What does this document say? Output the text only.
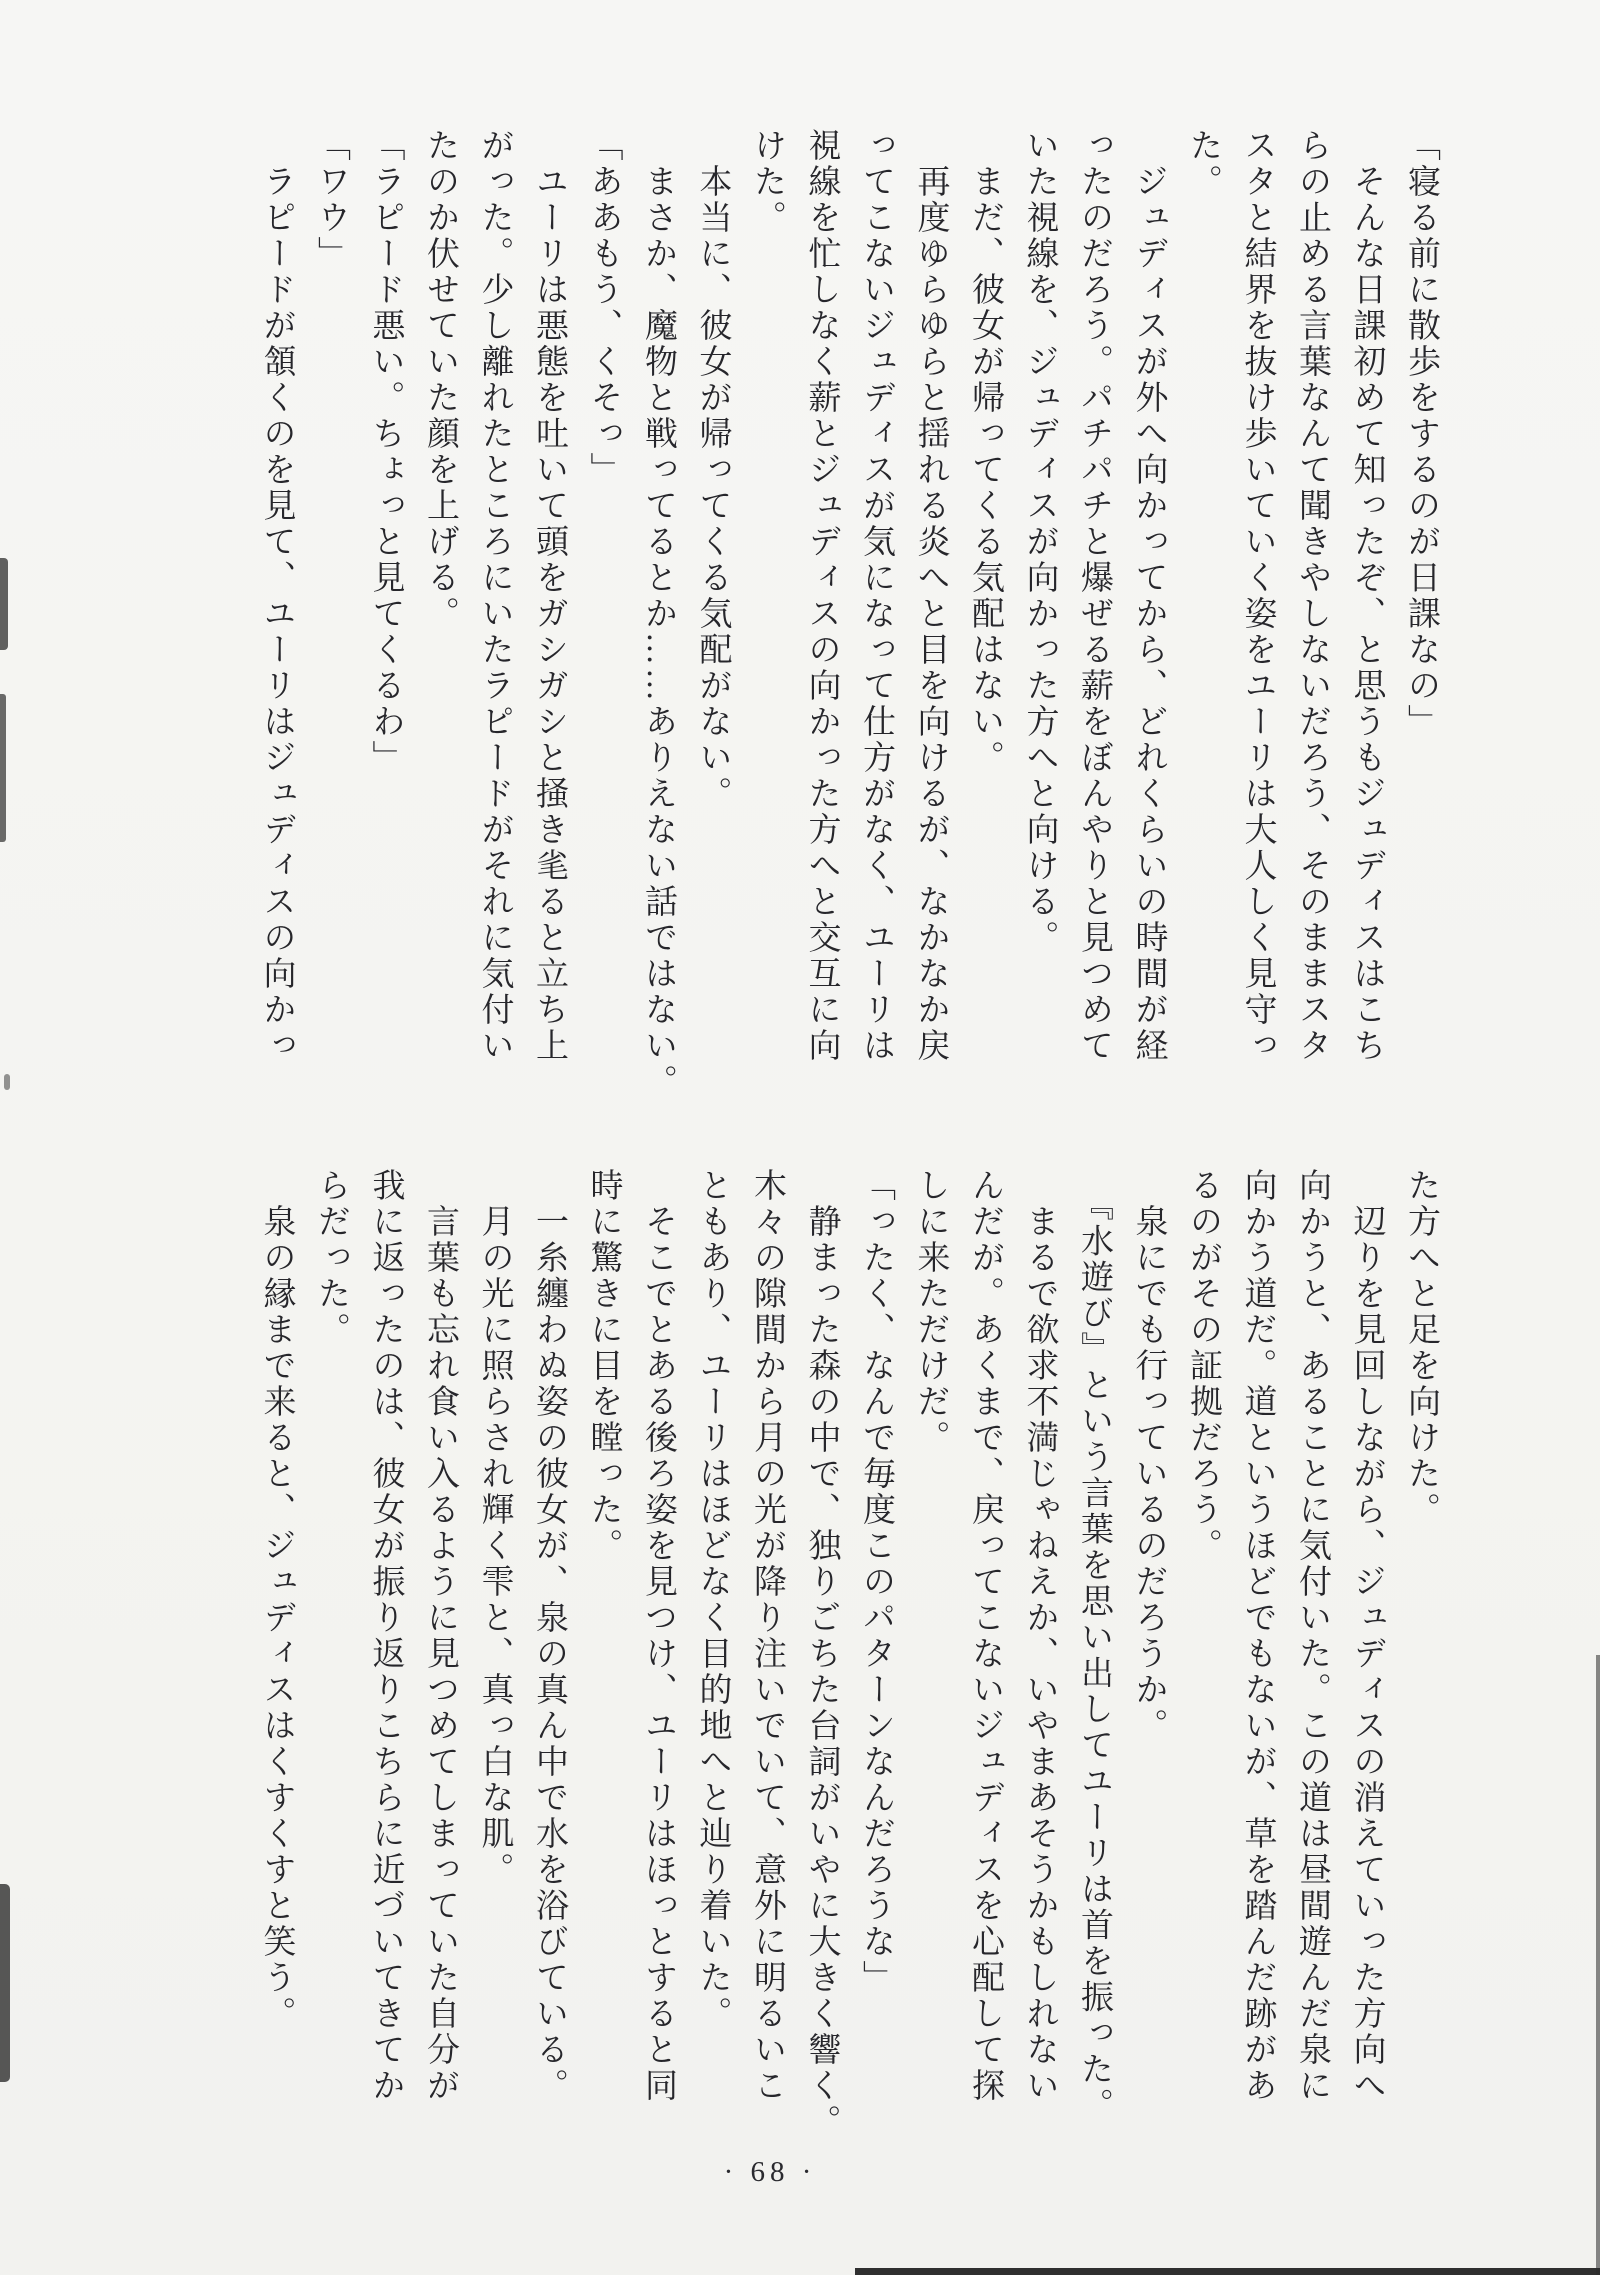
「寝る前に散歩をするのが日課なの」

　そんな日課初めて知ったぞ、と思うもジュディスはこち

らの止める言葉なんて聞きやしないだろう、そのままスタ

スタと結界を抜け歩いていく姿をユーリは大人しく見守っ

た。

　ジュディスが外へ向かってから、どれくらいの時間が経

ったのだろう。パチパチと爆ぜる薪をぼんやりと見つめて

いた視線を、ジュディスが向かった方へと向ける。

　まだ、彼女が帰ってくる気配はない。

　再度ゆらゆらと揺れる炎へと目を向けるが、なかなか戻

ってこないジュディスが気になって仕方がなく、ユーリは

視線を忙しなく薪とジュディスの向かった方へと交互に向

けた。

　本当に、彼女が帰ってくる気配がない。

　まさか、魔物と戦ってるとか……ありえない話ではない。

「ああもう、くそっ」

　ユーリは悪態を吐いて頭をガシガシと掻き毟ると立ち上

がった。少し離れたところにいたラピードがそれに気付い

たのか伏せていた顔を上げる。

「ラピード悪い。ちょっと見てくるわ」

「ワウ」

　ラピードが頷くのを見て、ユーリはジュディスの向かっ

た方へと足を向けた。

　辺りを見回しながら、ジュディスの消えていった方向へ

向かうと、あることに気付いた。この道は昼間遊んだ泉に

向かう道だ。道というほどでもないが、草を踏んだ跡があ

るのがその証拠だろう。

　泉にでも行っているのだろうか。

　『水遊び』という言葉を思い出してユーリは首を振った。

　まるで欲求不満じゃねえか、いやまあそうかもしれない

んだが。あくまで、戻ってこないジュディスを心配して探

しに来ただけだ。

「ったく、なんで毎度このパターンなんだろうな」

　静まった森の中で、独りごちた台詞がいやに大きく響く。

木々の隙間から月の光が降り注いでいて、意外に明るいこ

ともあり、ユーリはほどなく目的地へと辿り着いた。

　そこでとある後ろ姿を見つけ、ユーリはほっとすると同

時に驚きに目を瞠った。

　一糸纏わぬ姿の彼女が、泉の真ん中で水を浴びている。

　月の光に照らされ輝く雫と、真っ白な肌。

　言葉も忘れ食い入るように見つめてしまっていた自分が

我に返ったのは、彼女が振り返りこちらに近づいてきてか

らだった。

　泉の縁まで来ると、ジュディスはくすくすと笑う。

· 68 ·
